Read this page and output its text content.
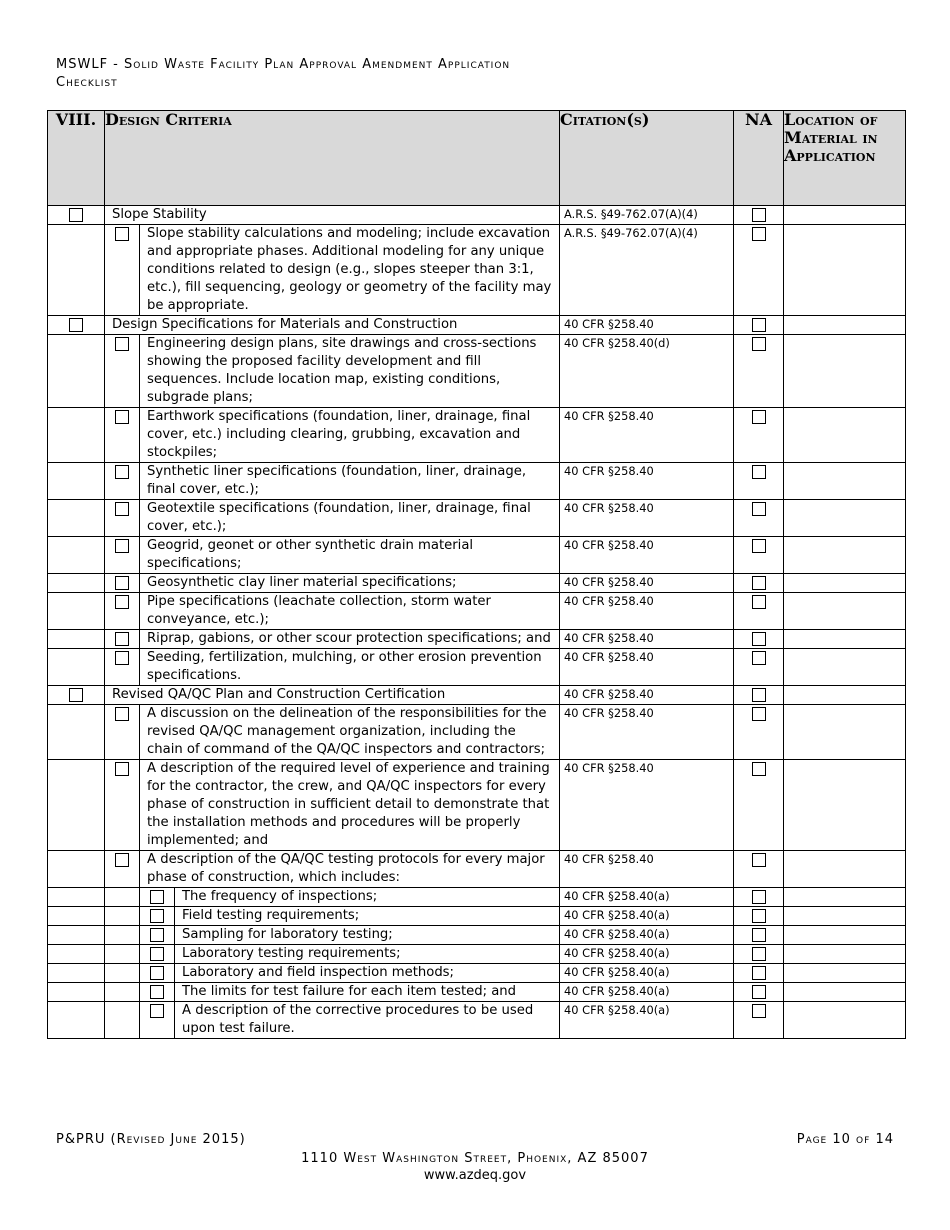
MSWLF - Solid Waste Facility Plan Approval Amendment Application
Checklist
VIII.	Design Criteria			Citation(s)	NA	Location of Material in Application
	Slope Stability			A.R.S. §49-762.07(A)(4)		
		Slope stability calculations and modeling; include excavation and appropriate phases. Additional modeling for any unique conditions related to design (e.g., slopes steeper than 3:1, etc.), fill sequencing, geology or geometry of the facility may be appropriate.		A.R.S. §49-762.07(A)(4)		
	Design Specifications for Materials and Construction			40 CFR §258.40		
		Engineering design plans, site drawings and cross-sections showing the proposed facility development and fill sequences. Include location map, existing conditions, subgrade plans;		40 CFR §258.40(d)		
		Earthwork specifications (foundation, liner, drainage, final cover, etc.) including clearing, grubbing, excavation and stockpiles;		40 CFR §258.40		
		Synthetic liner specifications (foundation, liner, drainage, final cover, etc.);		40 CFR §258.40		
		Geotextile specifications (foundation, liner, drainage, final cover, etc.);		40 CFR §258.40		
		Geogrid, geonet or other synthetic drain material specifications;		40 CFR §258.40		
		Geosynthetic clay liner material specifications;		40 CFR §258.40		
		Pipe specifications (leachate collection, storm water conveyance, etc.);		40 CFR §258.40		
		Riprap, gabions, or other scour protection specifications; and		40 CFR §258.40		
		Seeding, fertilization, mulching, or other erosion prevention specifications.		40 CFR §258.40		
	Revised QA/QC Plan and Construction Certification			40 CFR §258.40		
		A discussion on the delineation of the responsibilities for the revised QA/QC management organization, including the chain of command of the QA/QC inspectors and contractors;		40 CFR §258.40		
		A description of the required level of experience and training for the contractor, the crew, and QA/QC inspectors for every phase of construction in sufficient detail to demonstrate that the installation methods and procedures will be properly implemented; and		40 CFR §258.40		
		A description of the QA/QC testing protocols for every major phase of construction, which includes:		40 CFR §258.40		
			The frequency of inspections;	40 CFR §258.40(a)		
			Field testing requirements;	40 CFR §258.40(a)		
			Sampling for laboratory testing;	40 CFR §258.40(a)		
			Laboratory testing requirements;	40 CFR §258.40(a)		
			Laboratory and field inspection methods;	40 CFR §258.40(a)		
			The limits for test failure for each item tested; and	40 CFR §258.40(a)		
			A description of the corrective procedures to be used upon test failure.	40 CFR §258.40(a)		
P&PRU (Revised June 2015)	Page 10 of 14
1110 West Washington Street, Phoenix, AZ 85007
www.azdeq.gov
